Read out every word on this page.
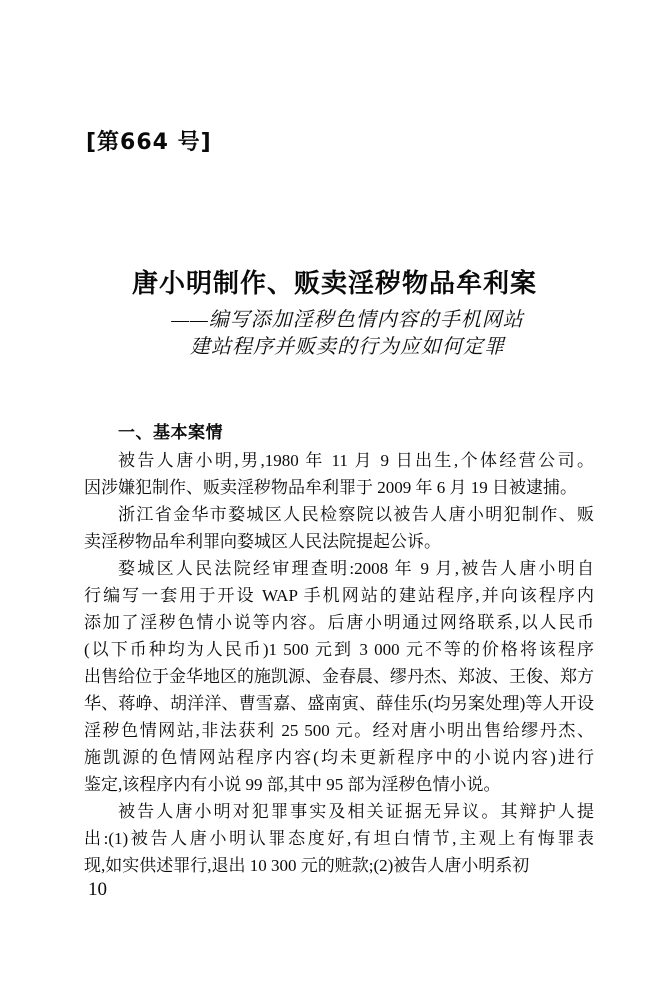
[第664 号]
唐小明制作、贩卖淫秽物品牟利案
——编写添加淫秽色情内容的手机网站
建站程序并贩卖的行为应如何定罪
一、基本案情
被告人唐小明,男,1980 年 11 月 9 日出生,个体经营公司。
因涉嫌犯制作、贩卖淫秽物品牟利罪于 2009 年 6 月 19 日被逮捕。
浙江省金华市婺城区人民检察院以被告人唐小明犯制作、贩
卖淫秽物品牟利罪向婺城区人民法院提起公诉。
婺城区人民法院经审理查明:2008 年 9 月,被告人唐小明自
行编写一套用于开设 WAP 手机网站的建站程序,并向该程序内
添加了淫秽色情小说等内容。后唐小明通过网络联系,以人民币
(以下币种均为人民币)1 500 元到 3 000 元不等的价格将该程序
出售给位于金华地区的施凯源、金春晨、缪丹杰、郑波、王俊、郑方
华、蒋峥、胡洋洋、曹雪嘉、盛南寅、薛佳乐(均另案处理)等人开设
淫秽色情网站,非法获利 25 500 元。经对唐小明出售给缪丹杰、
施凯源的色情网站程序内容(均未更新程序中的小说内容)进行
鉴定,该程序内有小说 99 部,其中 95 部为淫秽色情小说。
被告人唐小明对犯罪事实及相关证据无异议。其辩护人提
出:(1)被告人唐小明认罪态度好,有坦白情节,主观上有悔罪表
现,如实供述罪行,退出 10 300 元的赃款;(2)被告人唐小明系初
10
